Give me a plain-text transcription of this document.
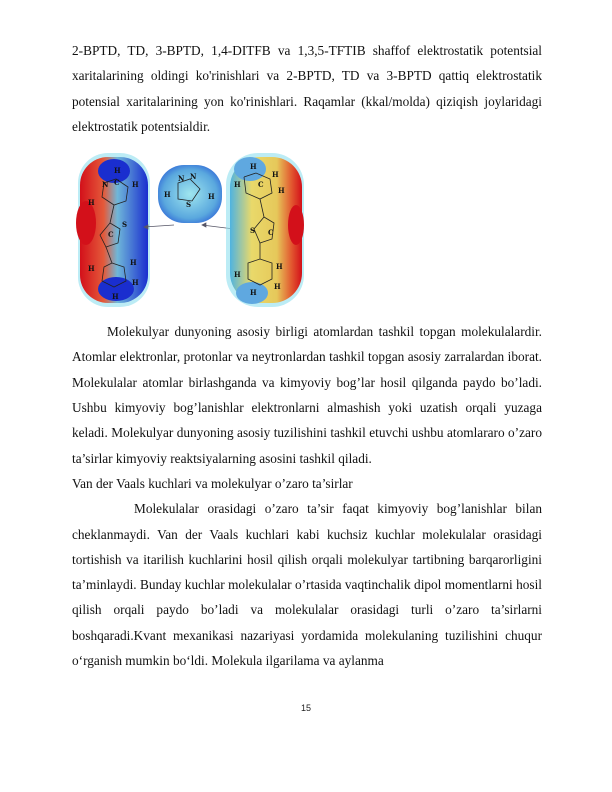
2-BPTD, TD, 3-BPTD, 1,4-DITFB va 1,3,5-TFTIB shaffof elektrostatik potentsial xaritalarining oldingi ko'rinishlari va 2-BPTD, TD va 3-BPTD qattiq elektrostatik potensial xaritalarining yon ko'rinishlari. Raqamlar (kkal/molda) qiziqish joylaridagi elektrostatik potentsialdir.

H
H
H
N C
S
C
H
H
H
H
N N
H	H
S
H
H
H
H
C
S C
H
H
H
H

Molekulyar dunyoning asosiy birligi atomlardan tashkil topgan molekulalardir. Atomlar elektronlar, protonlar va neytronlardan tashkil topgan asosiy zarralardan iborat. Molekulalar atomlar birlashganda va kimyoviy bog’lar hosil qilganda paydo bo’ladi. Ushbu kimyoviy bog’lanishlar elektronlarni almashish yoki uzatish orqali yuzaga keladi. Molekulyar dunyoning asosiy tuzilishini tashkil etuvchi ushbu atomlararo o’zaro ta’sirlar kimyoviy reaktsiyalarning asosini tashkil qiladi.

Van der Vaals kuchlari va molekulyar o’zaro ta’sirlar

Molekulalar orasidagi o’zaro ta’sir faqat kimyoviy bog’lanishlar bilan cheklanmaydi. Van der Vaals kuchlari kabi kuchsiz kuchlar molekulalar orasidagi tortishish va itarilish kuchlarini hosil qilish orqali molekulyar tartibning barqarorligini ta’minlaydi. Bunday kuchlar molekulalar o’rtasida vaqtinchalik dipol momentlarni hosil qilish orqali paydo bo’ladi va molekulalar orasidagi turli o’zaro ta’sirlarni boshqaradi.Kvant mexanikasi nazariyasi yordamida molekulaning tuzilishini chuqur o‘rganish mumkin bo‘ldi. Molekula ilgarilama va aylanma

15
